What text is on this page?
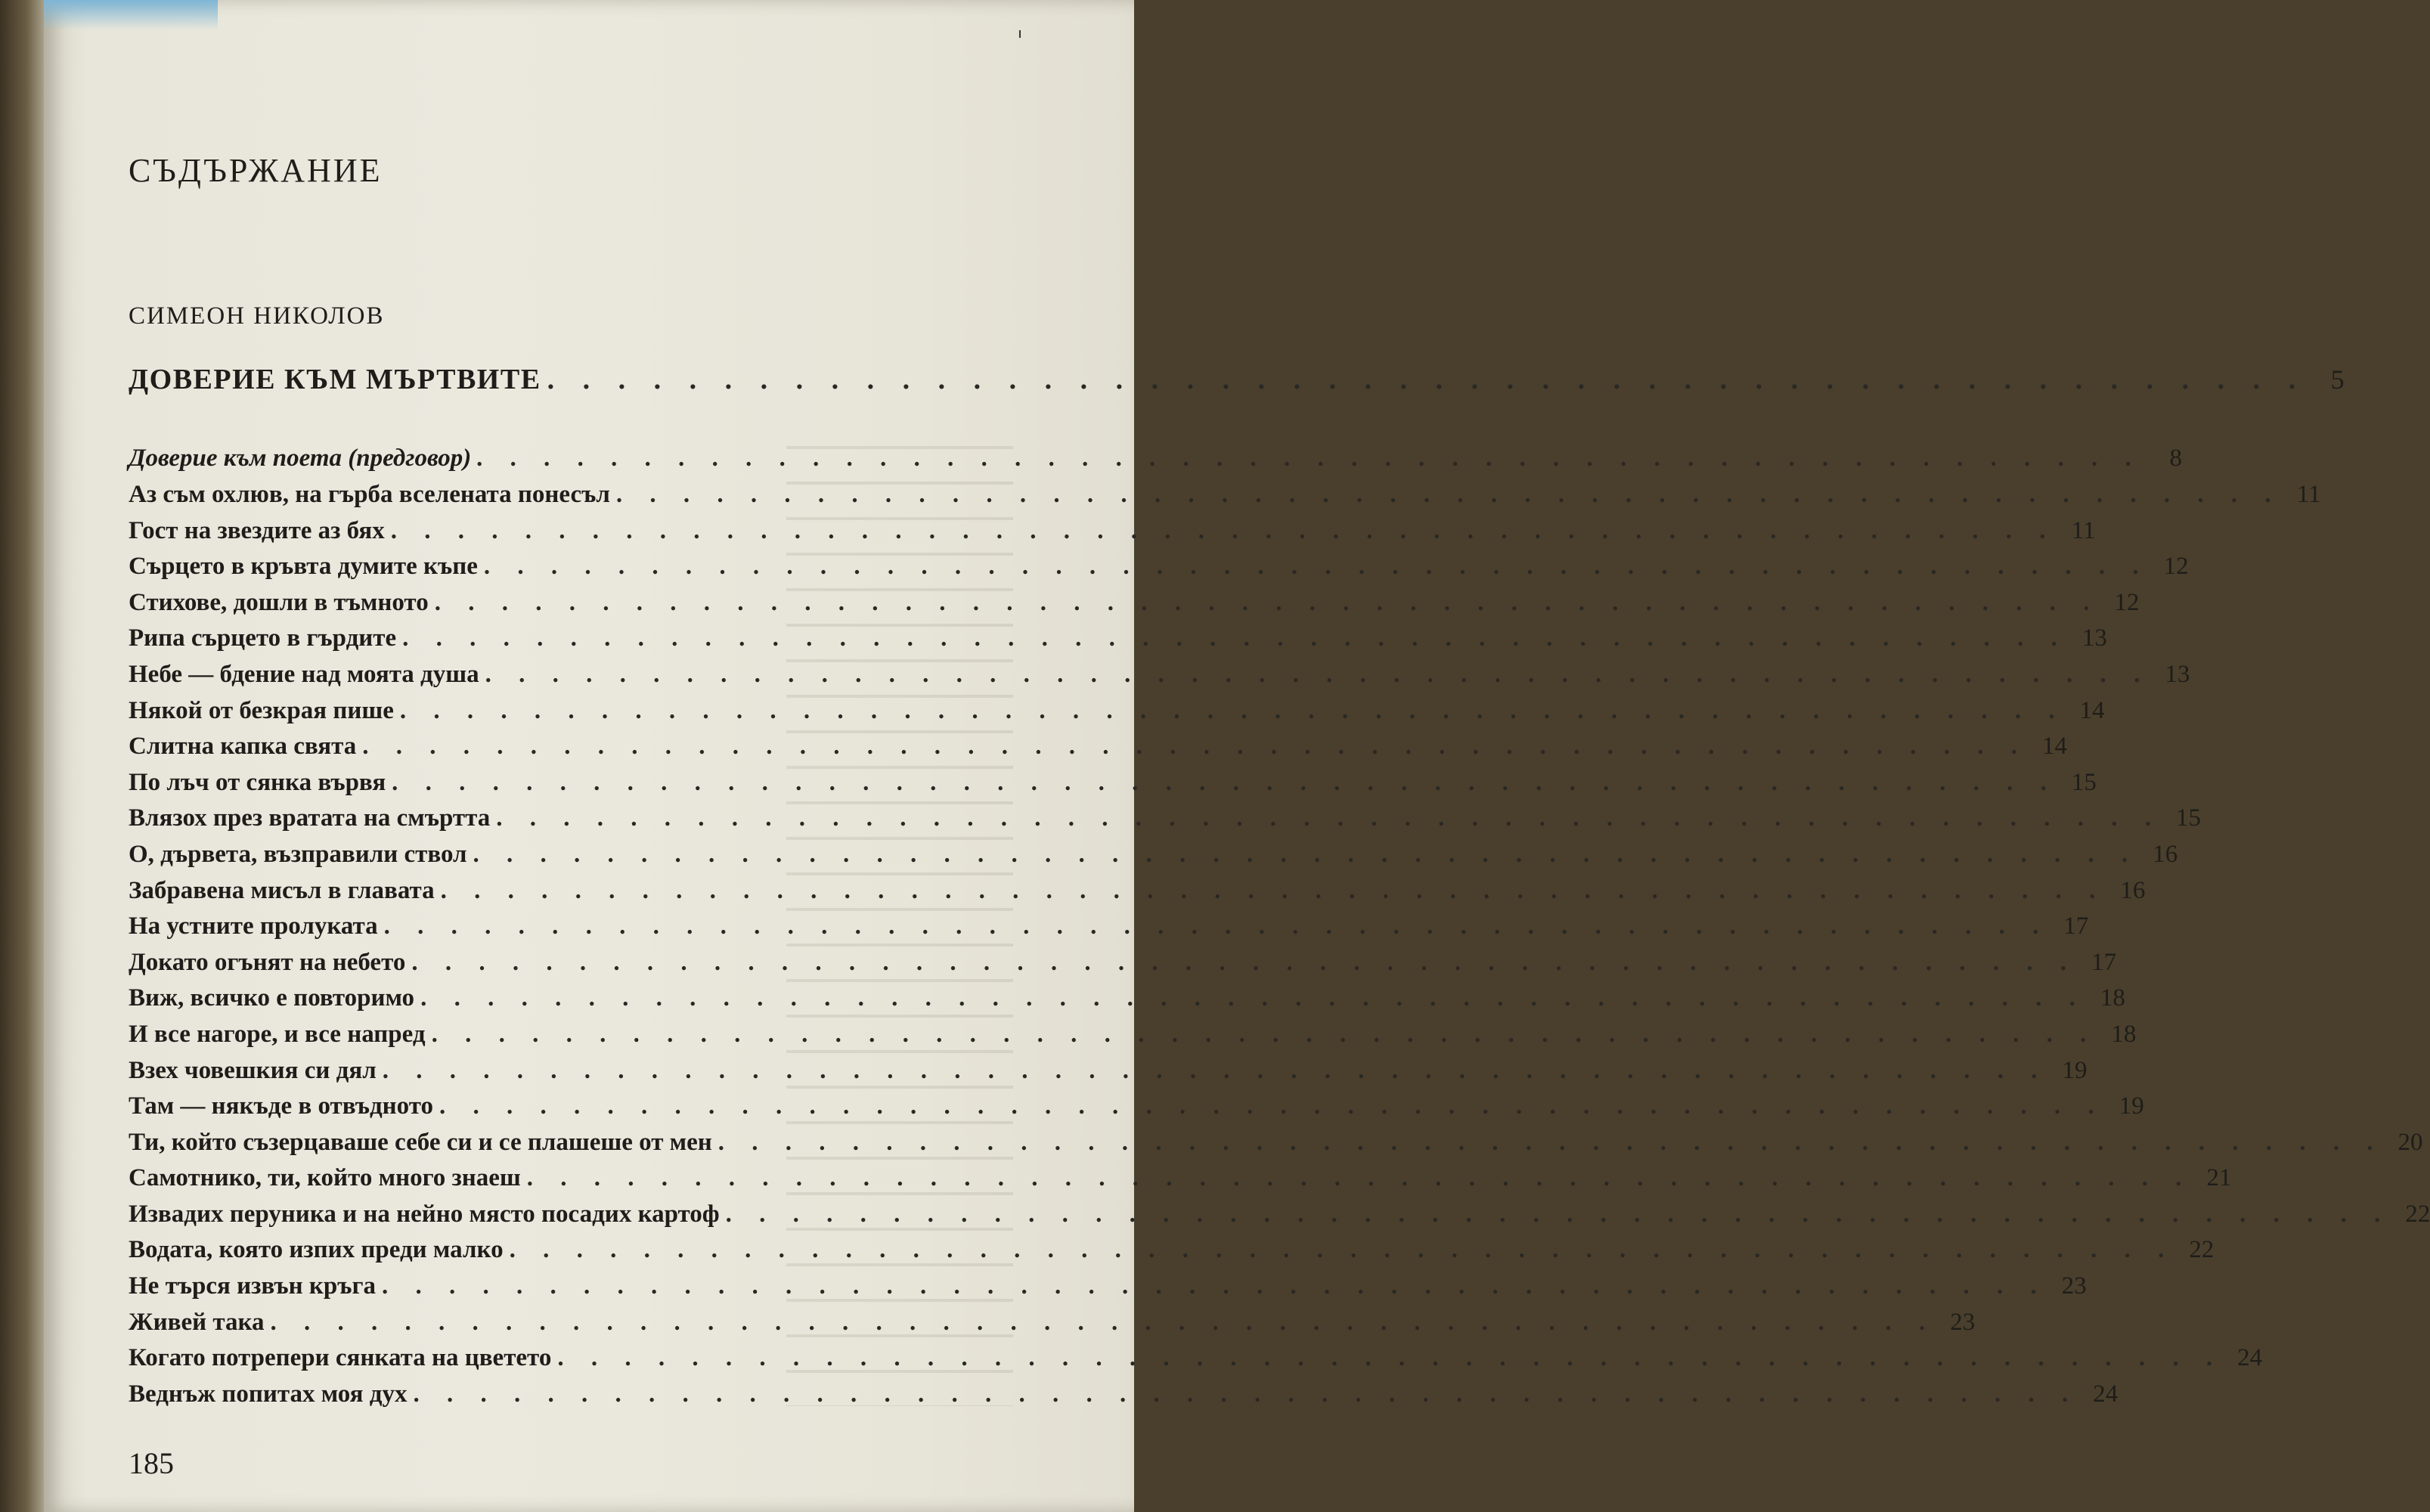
СЪДЪРЖАНИЕ
СИМЕОН НИКОЛОВ
ДОВЕРИЕ КЪМ МЪРТВИТЕ . . . . . . . . . . . . . . . . . . . . . . . . . . . . . . . . . . . . . . . . . . . . . . . . . . 5
Доверие към поета (предговор) . . . . . . . . . . . . . . . . . . . . . . . . . . . . . . . . . . . . . . . . . . . . . . . . . .	8
Аз съм охлюв, на гърба вселената понесъл . . . . . . . . . . . . . . . . . . . . . . . . . . . . . . . . . . . . . . . . . . . . . . . . . . 11
Гост на звездите аз бях . . . . . . . . . . . . . . . . . . . . . . . . . . . . . . . . . . . . . . . . . . . . . . . . . . 11
Сърцето в кръвта думите къпе . . . . . . . . . . . . . . . . . . . . . . . . . . . . . . . . . . . . . . . . . . . . . . . . . . 12
Стихове, дошли в тъмното . . . . . . . . . . . . . . . . . . . . . . . . . . . . . . . . . . . . . . . . . . . . . . . . . . 12
Рипа сърцето в гърдите . . . . . . . . . . . . . . . . . . . . . . . . . . . . . . . . . . . . . . . . . . . . . . . . . . 13
Небе — бдение над моята душа . . . . . . . . . . . . . . . . . . . . . . . . . . . . . . . . . . . . . . . . . . . . . . . . . . 13
Някой от безкрая пише . . . . . . . . . . . . . . . . . . . . . . . . . . . . . . . . . . . . . . . . . . . . . . . . . . 14
Слитна капка свята . . . . . . . . . . . . . . . . . . . . . . . . . . . . . . . . . . . . . . . . . . . . . . . . . . 14
По лъч от сянка вървя . . . . . . . . . . . . . . . . . . . . . . . . . . . . . . . . . . . . . . . . . . . . . . . . . . 15
Влязох през вратата на смъртта . . . . . . . . . . . . . . . . . . . . . . . . . . . . . . . . . . . . . . . . . . . . . . . . . . 15
О, дървета, възправили ствол . . . . . . . . . . . . . . . . . . . . . . . . . . . . . . . . . . . . . . . . . . . . . . . . . . 16
Забравена мисъл в главата . . . . . . . . . . . . . . . . . . . . . . . . . . . . . . . . . . . . . . . . . . . . . . . . . . 16
На устните пролуката . . . . . . . . . . . . . . . . . . . . . . . . . . . . . . . . . . . . . . . . . . . . . . . . . . 17
Докато огънят на небето . . . . . . . . . . . . . . . . . . . . . . . . . . . . . . . . . . . . . . . . . . . . . . . . . . 17
Виж, всичко е повторимо . . . . . . . . . . . . . . . . . . . . . . . . . . . . . . . . . . . . . . . . . . . . . . . . . . 18
И все нагоре, и все напред . . . . . . . . . . . . . . . . . . . . . . . . . . . . . . . . . . . . . . . . . . . . . . . . . . 18
Взех човешкия си дял . . . . . . . . . . . . . . . . . . . . . . . . . . . . . . . . . . . . . . . . . . . . . . . . . . 19
Там — някъде в отвъдното . . . . . . . . . . . . . . . . . . . . . . . . . . . . . . . . . . . . . . . . . . . . . . . . . . 19
Ти, който съзерцаваше себе си и се плашеше от мен . . . . . . . . . . . . . . . . . . . . . . . . . . . . . . . . . . . . . . . . . . . . . . . . . . 20
Самотнико, ти, който много знаеш . . . . . . . . . . . . . . . . . . . . . . . . . . . . . . . . . . . . . . . . . . . . . . . . . . 21
Извадих перуника и на нейно място посадих картоф . . . . . . . . . . . . . . . . . . . . . . . . . . . . . . . . . . . . . . . . . . . . . . . . . . 22
Водата, която изпих преди малко . . . . . . . . . . . . . . . . . . . . . . . . . . . . . . . . . . . . . . . . . . . . . . . . . . 22
Не търся извън кръга . . . . . . . . . . . . . . . . . . . . . . . . . . . . . . . . . . . . . . . . . . . . . . . . . . 23
Живей така . . . . . . . . . . . . . . . . . . . . . . . . . . . . . . . . . . . . . . . . . . . . . . . . . . 23
Когато потрепери сянката на цветето . . . . . . . . . . . . . . . . . . . . . . . . . . . . . . . . . . . . . . . . . . . . . . . . . . 24
Веднъж попитах моя дух . . . . . . . . . . . . . . . . . . . . . . . . . . . . . . . . . . . . . . . . . . . . . . . . . . 24
185
